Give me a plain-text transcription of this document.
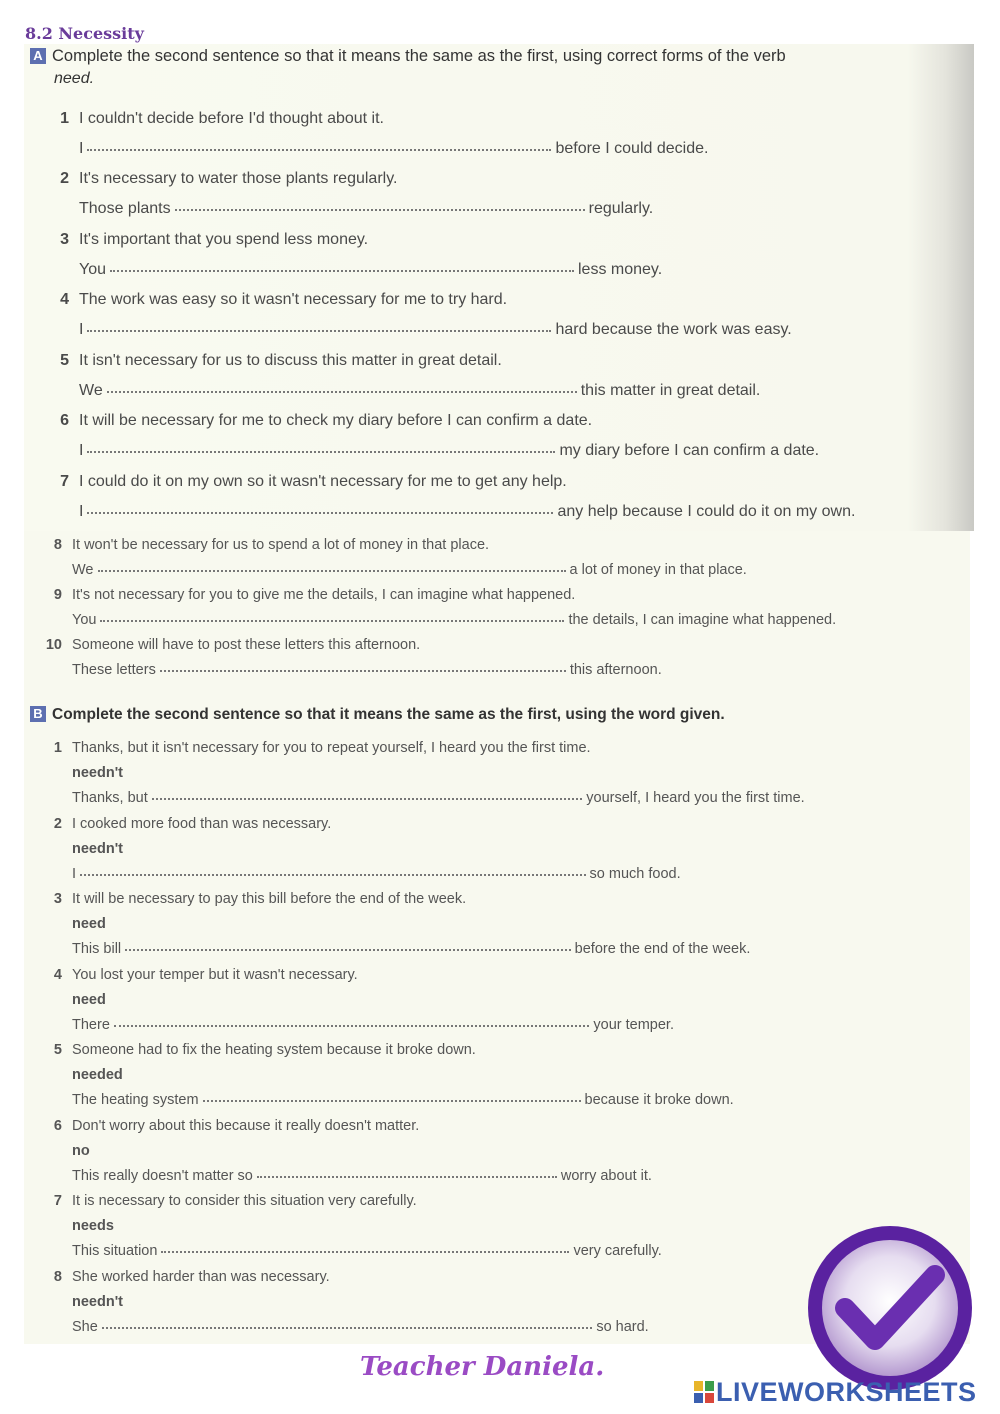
8.2 Necessity
A Complete the second sentence so that it means the same as the first, using correct forms of the verb
need.
I couldn't decide before I'd thought about it.
1
I	before I could decide.
It's necessary to water those plants regularly.
2
Those plants	regularly.
It's important that you spend less money.
3
You	less money.
The work was easy so it wasn't necessary for me to try hard.
4
I	hard because the work was easy.
It isn't necessary for us to discuss this matter in great detail.
5
We	this matter in great detail.
It will be necessary for me to check my diary before I can confirm a date.
6
I	my diary before I can confirm a date.
I could do it on my own so it wasn't necessary for me to get any help.
7
I	any help because I could do it on my own.
It won't be necessary for us to spend a lot of money in that place.
8
We	a lot of money in that place.
It's not necessary for you to give me the details, I can imagine what happened.
9
You	the details, I can imagine what happened.
Someone will have to post these letters this afternoon.
10
These letters	this afternoon.
B Complete the second sentence so that it means the same as the first, using the word given.
Thanks, but it isn't necessary for you to repeat yourself, I heard you the first time.
1
needn't
Thanks, but	yourself, I heard you the first time.
I cooked more food than was necessary.
2
needn't
I	so much food.
It will be necessary to pay this bill before the end of the week.
3
need
This bill	before the end of the week.
You lost your temper but it wasn't necessary.
4
need
There	your temper.
Someone had to fix the heating system because it broke down.
5
needed
The heating system	because it broke down.
Don't worry about this because it really doesn't matter.
6
no
This really doesn't matter so	worry about it.
It is necessary to consider this situation very carefully.
7
needs
This situation	very carefully.
She worked harder than was necessary.
8
needn't
She	so hard.
Teacher Daniela.
LIVEWORKSHEETS
